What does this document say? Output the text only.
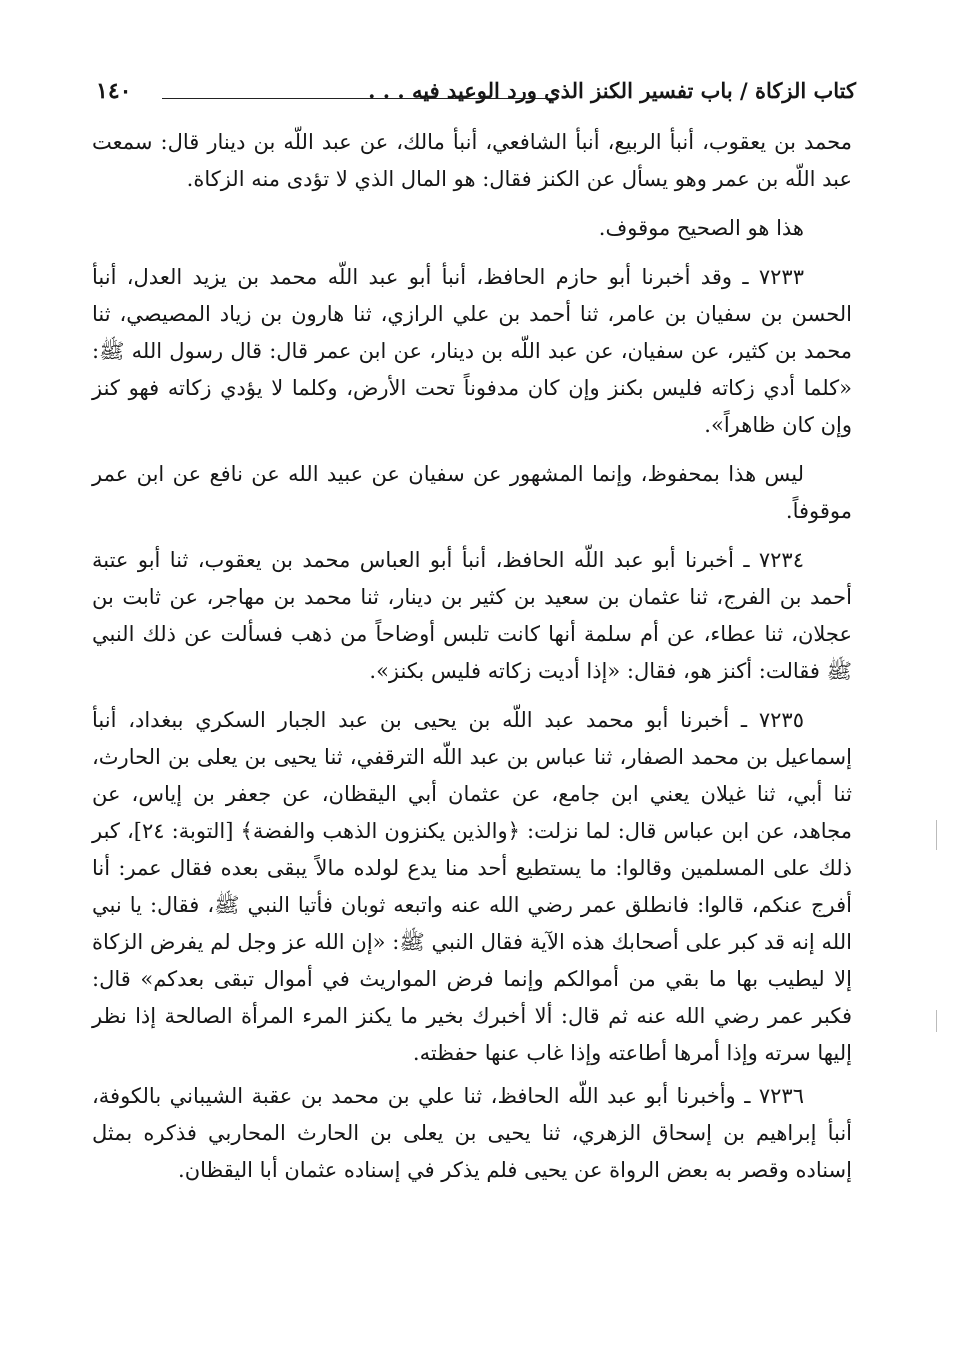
كتاب الزكاة / باب تفسير الكنز الذي ورد الوعيد فيه . . .
١٤٠

محمد بن يعقوب، أنبأ الربيع، أنبأ الشافعي، أنبأ مالك، عن عبد اللّه بن دينار قال: سمعت عبد اللّه بن عمر وهو يسأل عن الكنز فقال: هو المال الذي لا تؤدى منه الزكاة.

هذا هو الصحيح موقوف.

٧٢٣٣ ـ وقد أخبرنا أبو حازم الحافظ، أنبأ أبو عبد اللّه محمد بن يزيد العدل، أنبأ الحسن بن سفيان بن عامر، ثنا أحمد بن علي الرازي، ثنا هارون بن زياد المصيصي، ثنا محمد بن كثير، عن سفيان، عن عبد اللّه بن دينار، عن ابن عمر قال: قال رسول الله ﷺ: «كلما أدي زكاته فليس بكنز وإن كان مدفوناً تحت الأرض، وكلما لا يؤدي زكاته فهو كنز وإن كان ظاهراً».

ليس هذا بمحفوظ، وإنما المشهور عن سفيان عن عبيد الله عن نافع عن ابن عمر موقوفاً.

٧٢٣٤ ـ أخبرنا أبو عبد اللّه الحافظ، أنبأ أبو العباس محمد بن يعقوب، ثنا أبو عتبة أحمد بن الفرج، ثنا عثمان بن سعيد بن كثير بن دينار، ثنا محمد بن مهاجر، عن ثابت بن عجلان، ثنا عطاء، عن أم سلمة أنها كانت تلبس أوضاحاً من ذهب فسألت عن ذلك النبي ﷺ فقالت: أكنز هو، فقال: «إذا أديت زكاته فليس بكنز».

٧٢٣٥ ـ أخبرنا أبو محمد عبد اللّه بن يحيى بن عبد الجبار السكري ببغداد، أنبأ إسماعيل بن محمد الصفار، ثنا عباس بن عبد اللّه الترقفي، ثنا يحيى بن يعلى بن الحارث، ثنا أبي، ثنا غيلان يعني ابن جامع، عن عثمان أبي اليقظان، عن جعفر بن إياس، عن مجاهد، عن ابن عباس قال: لما نزلت: ﴿والذين يكنزون الذهب والفضة﴾ [التوبة: ٢٤]، كبر ذلك على المسلمين وقالوا: ما يستطيع أحد منا يدع لولده مالاً يبقى بعده فقال عمر: أنا أفرج عنكم، قالوا: فانطلق عمر رضي الله عنه واتبعه ثوبان فأتيا النبي ﷺ، فقال: يا نبي الله إنه قد كبر على أصحابك هذه الآية فقال النبي ﷺ: «إن الله عز وجل لم يفرض الزكاة إلا ليطيب بها ما بقي من أموالكم وإنما فرض المواريث في أموال تبقى بعدكم» قال: فكبر عمر رضي الله عنه ثم قال: ألا أخبرك بخير ما يكنز المرء المرأة الصالحة إذا نظر إليها سرته وإذا أمرها أطاعته وإذا غاب عنها حفظته.

٧٢٣٦ ـ وأخبرنا أبو عبد اللّه الحافظ، ثنا علي بن محمد بن عقبة الشيباني بالكوفة، أنبأ إبراهيم بن إسحاق الزهري، ثنا يحيى بن يعلى بن الحارث المحاربي فذكره بمثل إسناده وقصر به بعض الرواة عن يحيى فلم يذكر في إسناده عثمان أبا اليقظان.
